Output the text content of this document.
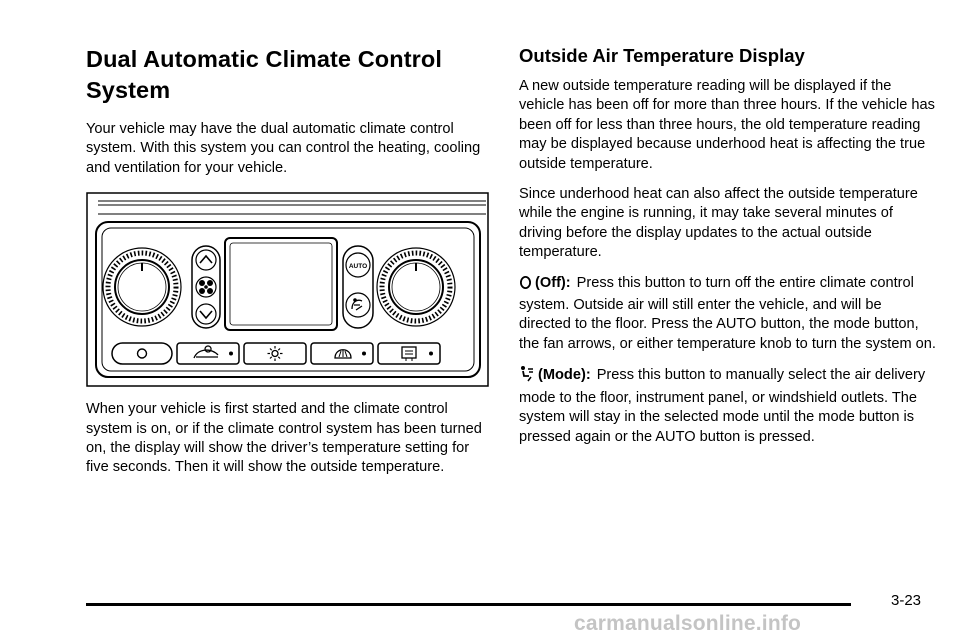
Dual Automatic Climate Control System

Your vehicle may have the dual automatic climate control system. With this system you can control the heating, cooling and ventilation for your vehicle.

AUTO

When your vehicle is first started and the climate control system is on, or if the climate control system has been turned on, the display will show the driver’s temperature setting for five seconds. Then it will show the outside temperature.

Outside Air Temperature Display

A new outside temperature reading will be displayed if the vehicle has been off for more than three hours. If the vehicle has been off for less than three hours, the old temperature reading may be displayed because underhood heat is affecting the true outside temperature.

Since underhood heat can also affect the outside temperature while the engine is running, it may take several minutes of driving before the display updates to the actual outside temperature.

(Off): Press this button to turn off the entire climate control system. Outside air will still enter the vehicle, and will be directed to the floor. Press the AUTO button, the mode button, the fan arrows, or either temperature knob to turn the system on.

(Mode): Press this button to manually select the air delivery mode to the floor, instrument panel, or windshield outlets. The system will stay in the selected mode until the mode button is pressed again or the AUTO button is pressed.

3-23
carmanualsonline.info
